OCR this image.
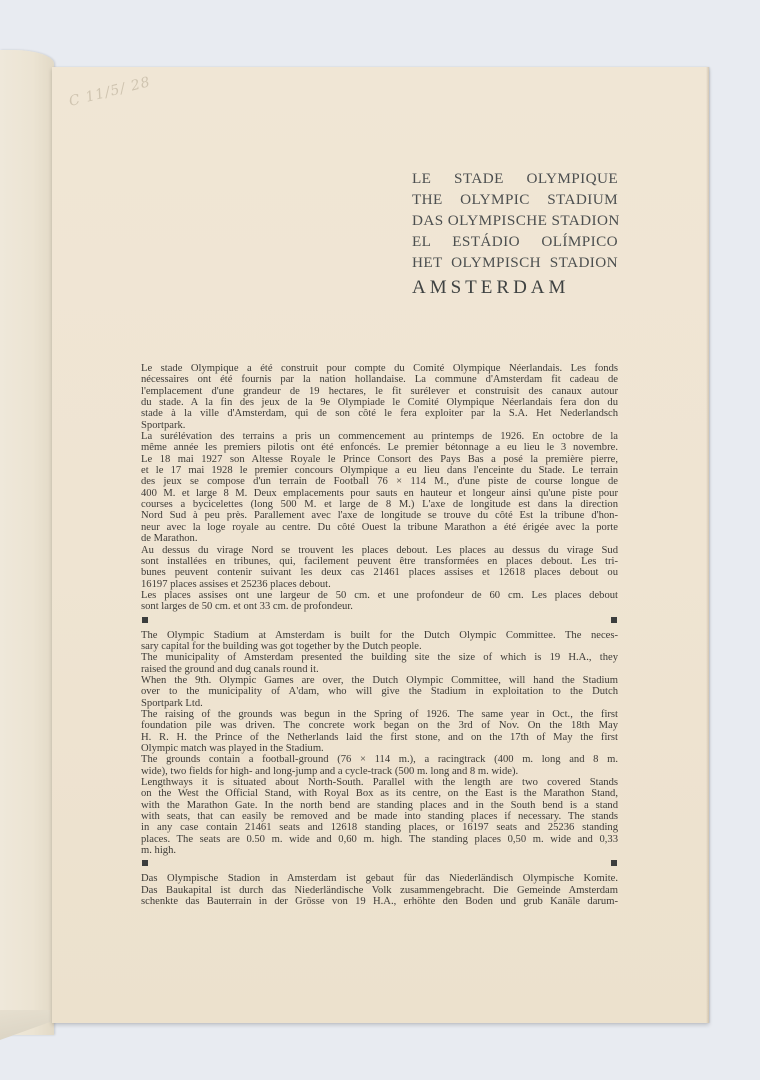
C 11/5/ 28
LE STADE OLYMPIQUE
THE OLYMPIC STADIUM
DAS OLYMPISCHE STADION
EL ESTÁDIO OLÍMPICO
HET OLYMPISCH STADION
AMSTERDAM
Le stade Olympique a été construit pour compte du Comité Olympique Néerlandais. Les fonds
nécessaires ont été fournis par la nation hollandaise. La commune d'Amsterdam fit cadeau de
l'emplacement d'une grandeur de 19 hectares, le fit surélever et construisit des canaux autour
du stade. A la fin des jeux de la 9e Olympiade le Comité Olympique Néerlandais fera don du
stade à la ville d'Amsterdam, qui de son côté le fera exploiter par la S.A. Het Nederlandsch
Sportpark.
La surélévation des terrains a pris un commencement au printemps de 1926. En octobre de la
même année les premiers pilotis ont été enfoncés. Le premier bétonnage a eu lieu le 3 novembre.
Le 18 mai 1927 son Altesse Royale le Prince Consort des Pays Bas a posé la première pierre,
et le 17 mai 1928 le premier concours Olympique a eu lieu dans l'enceinte du Stade. Le terrain
des jeux se compose d'un terrain de Football 76 × 114 M., d'une piste de course longue de
400 M. et large 8 M. Deux emplacements pour sauts en hauteur et longeur ainsi qu'une piste pour
courses a bycicelettes (long 500 M. et large de 8 M.) L'axe de longitude est dans la direction
Nord Sud à peu près. Parallement avec l'axe de longitude se trouve du côté Est la tribune d'hon-
neur avec la loge royale au centre. Du côté Ouest la tribune Marathon a été érigée avec la porte
de Marathon.
Au dessus du virage Nord se trouvent les places debout. Les places au dessus du virage Sud
sont installées en tribunes, qui, facilement peuvent être transformées en places debout. Les tri-
bunes peuvent contenir suivant les deux cas 21461 places assises et 12618 places debout ou
16197 places assises et 25236 places debout.
Les places assises ont une largeur de 50 cm. et une profondeur de 60 cm. Les places debout
sont larges de 50 cm. et ont 33 cm. de profondeur.
The Olympic Stadium at Amsterdam is built for the Dutch Olympic Committee. The neces-
sary capital for the building was got together by the Dutch people.
The municipality of Amsterdam presented the building site the size of which is 19 H.A., they
raised the ground and dug canals round it.
When the 9th. Olympic Games are over, the Dutch Olympic Committee, will hand the Stadium
over to the municipality of A'dam, who will give the Stadium in exploitation to the Dutch
Sportpark Ltd.
The raising of the grounds was begun in the Spring of 1926. The same year in Oct., the first
foundation pile was driven. The concrete work began on the 3rd of Nov. On the 18th May
H. R. H. the Prince of the Netherlands laid the first stone, and on the 17th of May the first
Olympic match was played in the Stadium.
The grounds contain a football-ground (76 × 114 m.), a racingtrack (400 m. long and 8 m.
wide), two fields for high- and long-jump and a cycle-track (500 m. long and 8 m. wide).
Lengthways it is situated about North-South. Parallel with the length are two covered Stands
on the West the Official Stand, with Royal Box as its centre, on the East is the Marathon Stand,
with the Marathon Gate. In the north bend are standing places and in the South bend is a stand
with seats, that can easily be removed and be made into standing places if necessary. The stands
in any case contain 21461 seats and 12618 standing places, or 16197 seats and 25236 standing
places. The seats are 0.50 m. wide and 0,60 m. high. The standing places 0,50 m. wide and 0,33
m. high.
Das Olympische Stadion in Amsterdam ist gebaut für das Niederländisch Olympische Komite.
Das Baukapital ist durch das Niederländische Volk zusammengebracht. Die Gemeinde Amsterdam
schenkte das Bauterrain in der Grösse von 19 H.A., erhöhte den Boden und grub Kanäle darum-
